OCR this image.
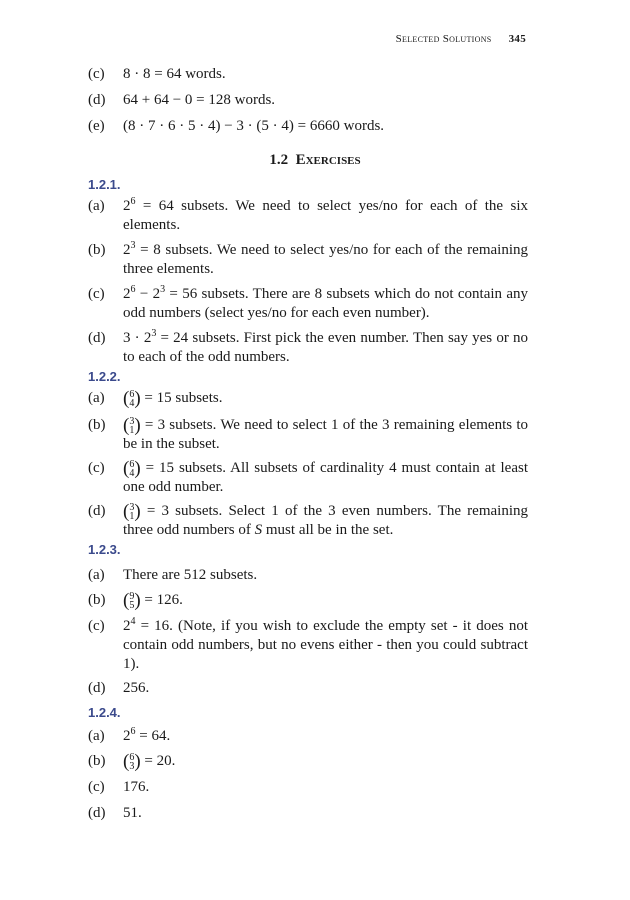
Selected Solutions 345
(c) 8 · 8 = 64 words.
(d) 64 + 64 − 0 = 128 words.
(e) (8 · 7 · 6 · 5 · 4) − 3 · (5 · 4) = 6660 words.
1.2 Exercises
1.2.1.
(a) $2^6 = 64$ subsets. We need to select yes/no for each of the six elements.
(b) $2^3 = 8$ subsets. We need to select yes/no for each of the remaining three elements.
(c) $2^6 - 2^3 = 56$ subsets. There are 8 subsets which do not contain any odd numbers (select yes/no for each even number).
(d) $3 \cdot 2^3 = 24$ subsets. First pick the even number. Then say yes or no to each of the odd numbers.
1.2.2.
(a) ( 6
4 ) = 15 subsets.
(b) ( 3
1 ) = 3 subsets. We need to select 1 of the 3 remaining elements to be in the subset.
(c) ( 6
4 ) = 15 subsets. All subsets of cardinality 4 must contain at least one odd number.
(d) ( 3
1 ) = 3 subsets. Select 1 of the 3 even numbers. The remaining three odd numbers of S must all be in the set.
1.2.3.
(a) There are 512 subsets.
(b) ( 9
5 ) = 126.
(c) $2^4 = 16$. (Note, if you wish to exclude the empty set - it does not contain odd numbers, but no evens either - then you could subtract 1).
(d) 256.
1.2.4.
(a) $2^6 = 64$.
(b) ( 6
3 ) = 20.
(c) 176.
(d) 51.
